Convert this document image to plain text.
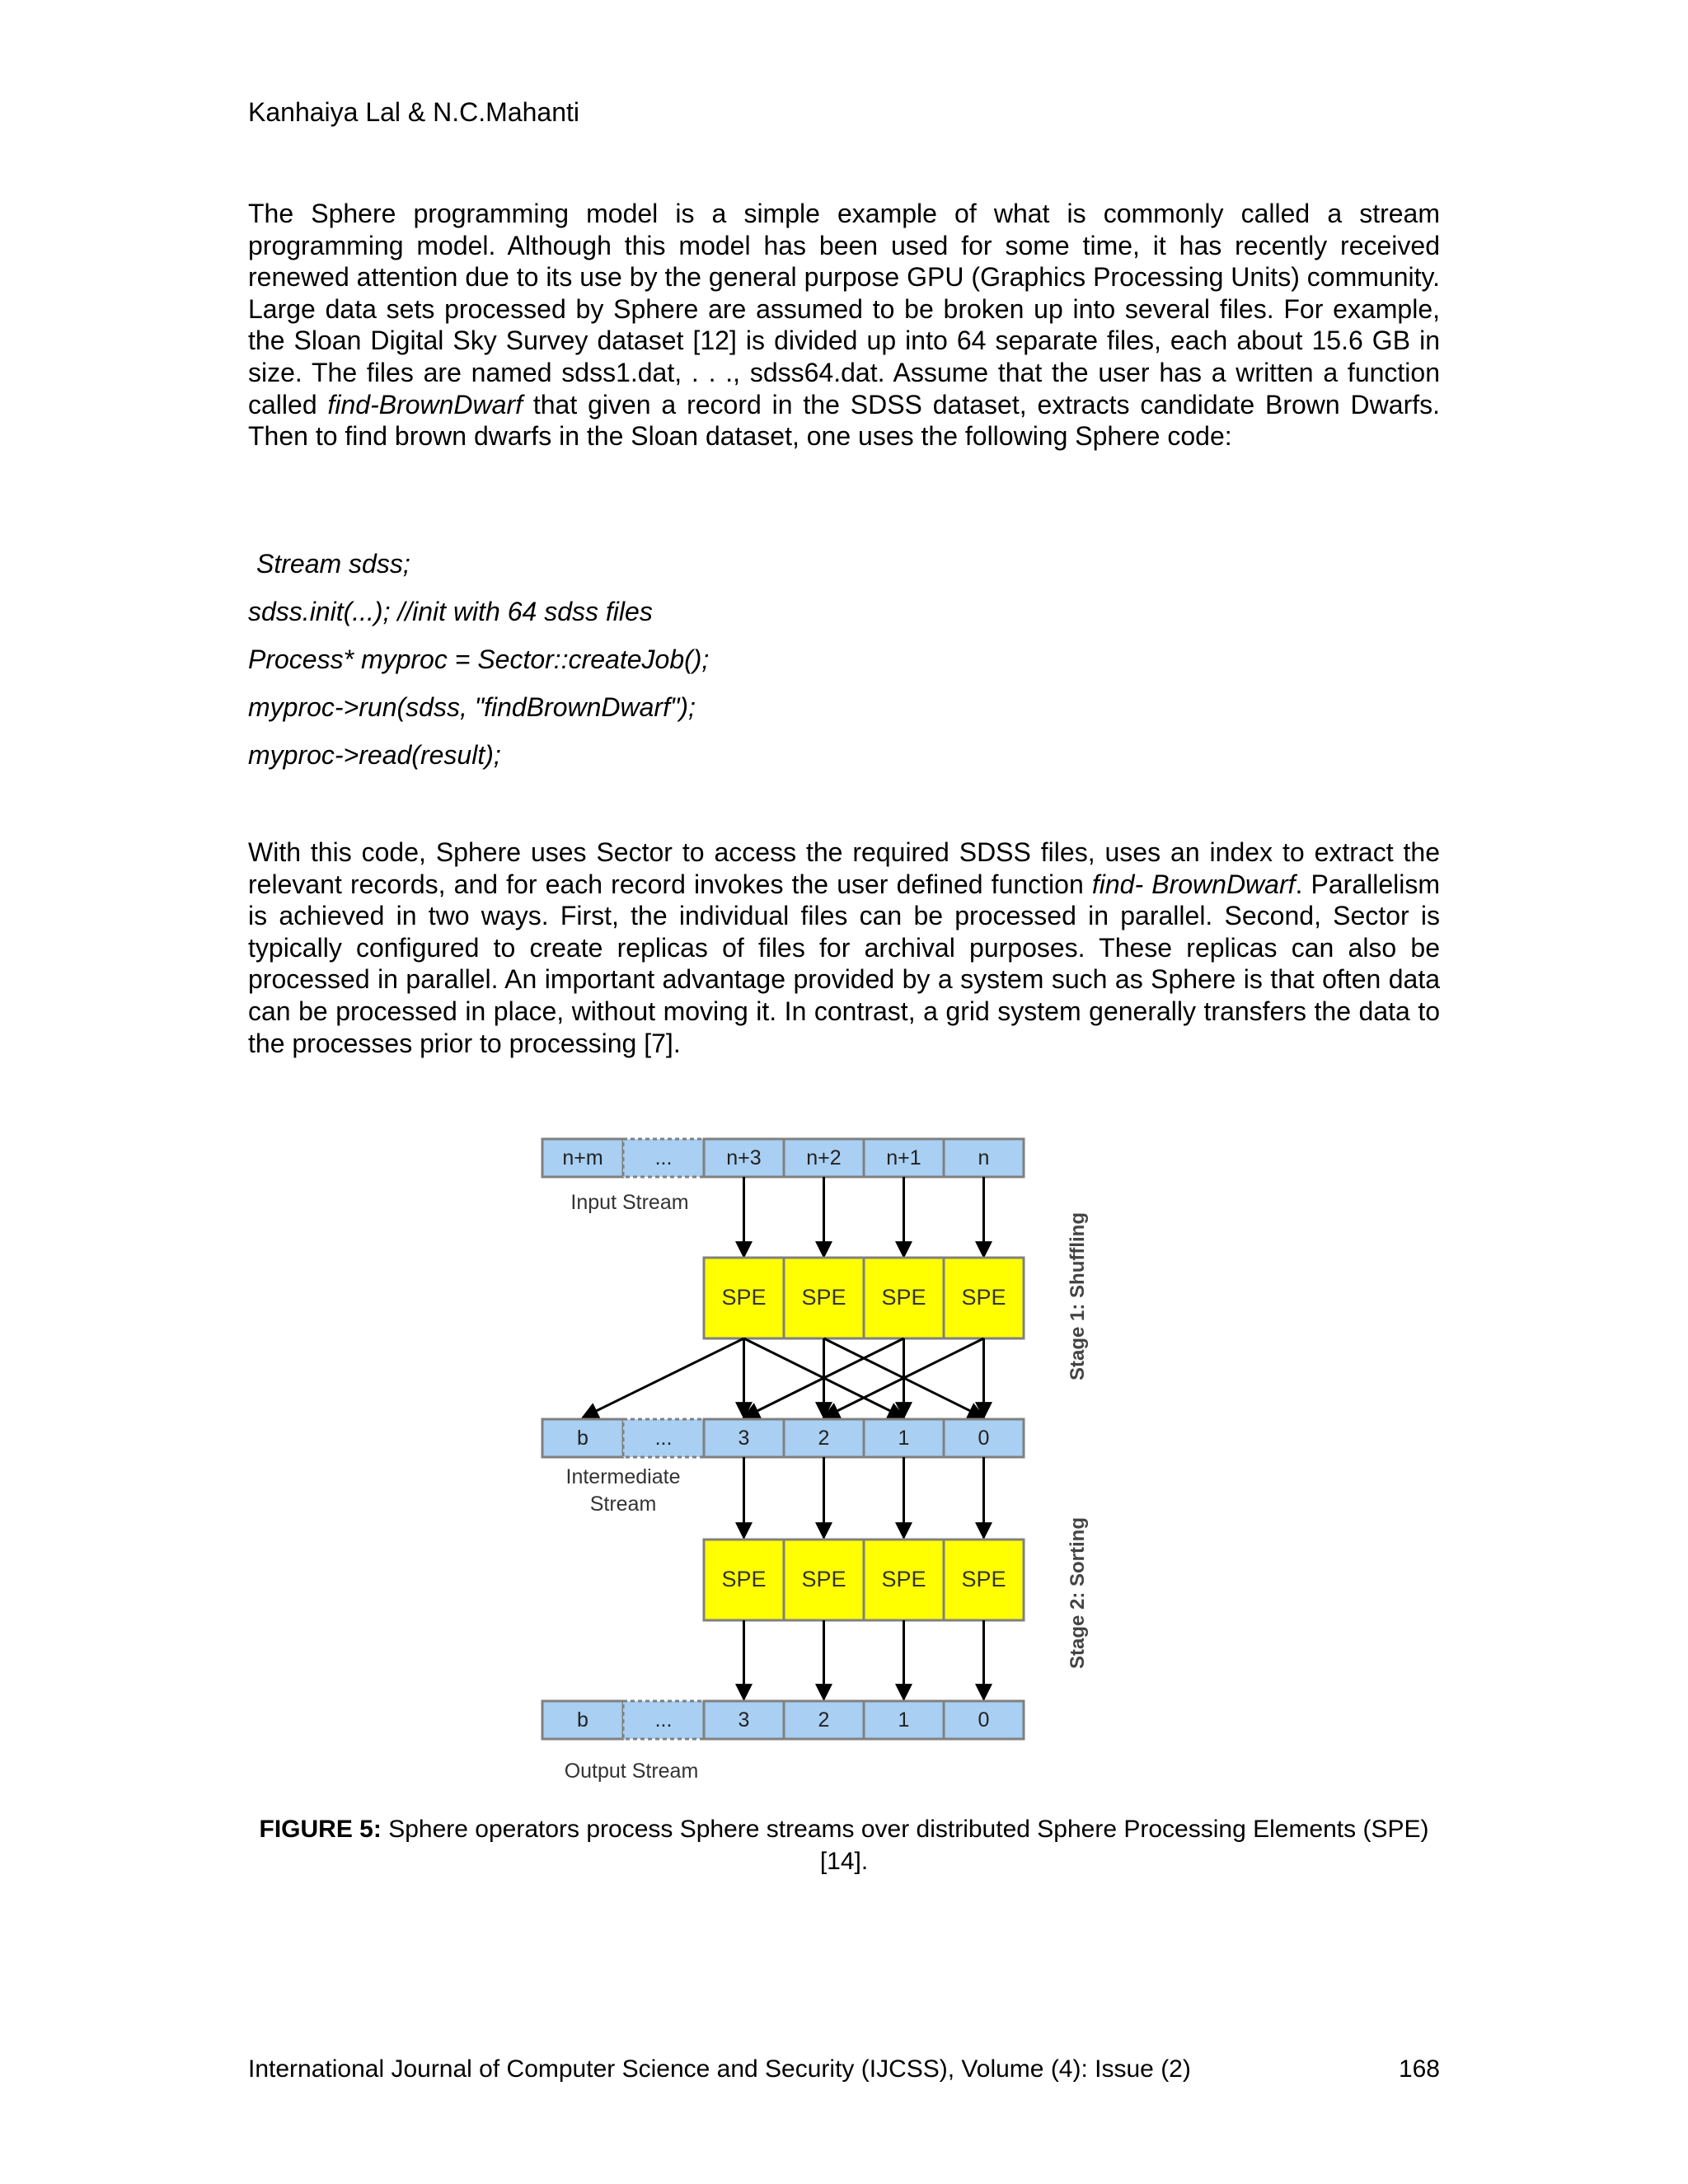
Kanhaiya Lal & N.C.Mahanti

The Sphere programming model is a simple example of what is commonly called a stream programming model. Although this model has been used for some time, it has recently received renewed attention due to its use by the general purpose GPU (Graphics Processing Units) community. Large data sets processed by Sphere are assumed to be broken up into several files. For example, the Sloan Digital Sky Survey dataset [12] is divided up into 64 separate files, each about 15.6 GB in size. The files are named sdss1.dat, . . ., sdss64.dat. Assume that the user has a written a function called find-BrownDwarf that given a record in the SDSS dataset, extracts candidate Brown Dwarfs. Then to find brown dwarfs in the Sloan dataset, one uses the following Sphere code:

Stream sdss;

sdss.init(...); //init with 64 sdss files

Process* myproc = Sector::createJob();

myproc->run(sdss, "findBrownDwarf");

myproc->read(result);

With this code, Sphere uses Sector to access the required SDSS files, uses an index to extract the relevant records, and for each record invokes the user defined function find- BrownDwarf. Parallelism is achieved in two ways. First, the individual files can be processed in parallel. Second, Sector is typically configured to create replicas of files for archival purposes. These replicas can also be processed in parallel. An important advantage provided by a system such as Sphere is that often data can be processed in place, without moving it. In contrast, a grid system generally transfers the data to the processes prior to processing [7].

n+m	...	n+3 n+2 n+1	n
Input Stream
SPE SPE SPE SPE
b	...	3	2	1	0
Intermediate
Stream
SPE SPE SPE SPE
b	...	3	2	1	0
Output Stream
Stage 1: Shuffling
Stage 2: Sorting

FIGURE 5: Sphere operators process Sphere streams over distributed Sphere Processing Elements (SPE) [14].

International Journal of Computer Science and Security (IJCSS), Volume (4): Issue (2)	168
